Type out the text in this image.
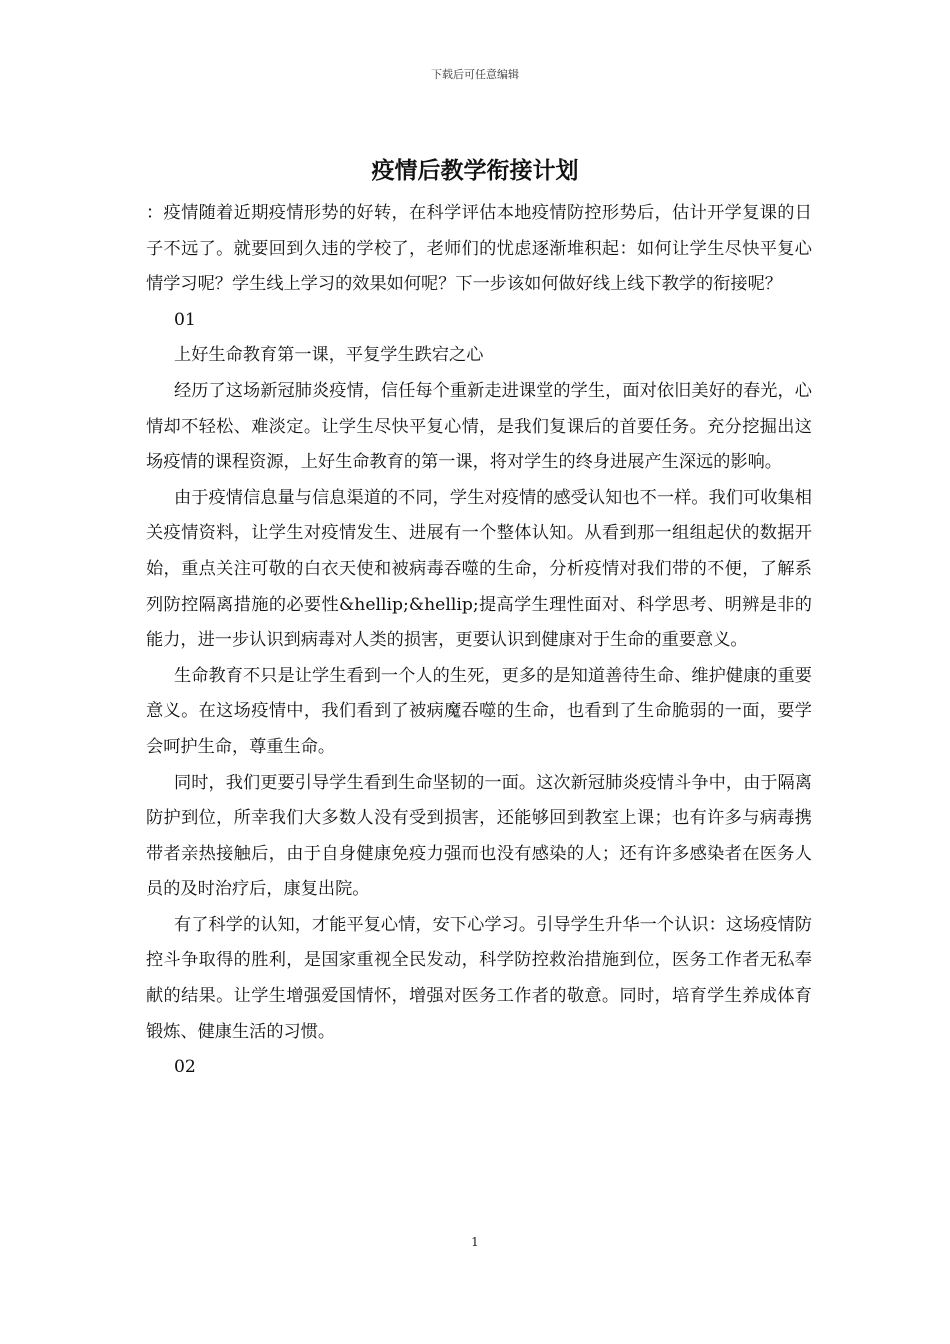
下载后可任意编辑
疫情后教学衔接计划

：疫情随着近期疫情形势的好转，在科学评估本地疫情防控形势后，估计开学复课的日子不远了。就要回到久违的学校了，老师们的忧虑逐渐堆积起：如何让学生尽快平复心情学习呢？学生线上学习的效果如何呢？下一步该如何做好线上线下教学的衔接呢？

01

上好生命教育第一课，平复学生跌宕之心

经历了这场新冠肺炎疫情，信任每个重新走进课堂的学生，面对依旧美好的春光，心情却不轻松、难淡定。让学生尽快平复心情，是我们复课后的首要任务。充分挖掘出这场疫情的课程资源，上好生命教育的第一课，将对学生的终身进展产生深远的影响。

由于疫情信息量与信息渠道的不同，学生对疫情的感受认知也不一样。我们可收集相关疫情资料，让学生对疫情发生、进展有一个整体认知。从看到那一组组起伏的数据开始，重点关注可敬的白衣天使和被病毒吞噬的生命，分析疫情对我们带的不便，了解系列防控隔离措施的必要性&hellip;&hellip;提高学生理性面对、科学思考、明辨是非的能力，进一步认识到病毒对人类的损害，更要认识到健康对于生命的重要意义。

生命教育不只是让学生看到一个人的生死，更多的是知道善待生命、维护健康的重要意义。在这场疫情中，我们看到了被病魔吞噬的生命，也看到了生命脆弱的一面，要学会呵护生命，尊重生命。

同时，我们更要引导学生看到生命坚韧的一面。这次新冠肺炎疫情斗争中，由于隔离防护到位，所幸我们大多数人没有受到损害，还能够回到教室上课；也有许多与病毒携带者亲热接触后，由于自身健康免疫力强而也没有感染的人；还有许多感染者在医务人员的及时治疗后，康复出院。

有了科学的认知，才能平复心情，安下心学习。引导学生升华一个认识：这场疫情防控斗争取得的胜利，是国家重视全民发动，科学防控救治措施到位，医务工作者无私奉献的结果。让学生增强爱国情怀，增强对医务工作者的敬意。同时，培育学生养成体育锻炼、健康生活的习惯。

02

1
